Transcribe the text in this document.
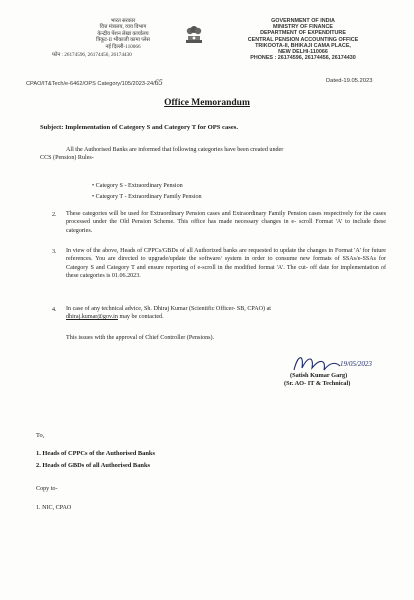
भारत सरकार
वित्त मंत्रालय, व्यय विभाग
केन्द्रीय पेंशन लेखा कार्यालय
त्रिकूट-II भीकाजी कामा प्लेस
नई दिल्ली-110066
फोन : 26174596, 26174456, 26174430
GOVERNMENT OF INDIA
MINISTRY OF FINANCE
DEPARTMENT OF EXPENDITURE
CENTRAL PENSION ACCOUNTING OFFICE
TRIKOOTA-II, BHIKAJI CAMA PLACE,
NEW DELHI-110066
PHONES : 26174596, 26174456, 26174430
CPAO/IT&Tech/e-6462/OPS Category/105/2023-24/65	Dated-19.05.2023
Office Memorandum
Subject: Implementation of Category S and Category T for OPS cases.
All the Authorised Banks are informed that following categories have been created under
CCS (Pension) Rules-
• Category S - Extraordinary Pension
• Category T - Extraordinary Family Pension
2. These categories will be used for Extraordinary Pension cases and Extraordinary Family Pension cases respectively for the cases processed under the Old Pension Scheme. This office has made necessary changes in e- scroll Format 'A' to include these categories.
3. In view of the above, Heads of CPPCs/GBDs of all Authorized banks are requested to update the changes in Format 'A' for future references. You are directed to upgrade/update the software/ system in order to consume new formats of SSAs/e-SSAs for Category S and Category T and ensure reporting of e-scroll in the modified format 'A'. The cut- off date for implementation of these categories is 01.06.2023.
4. In case of any technical advice, Sh. Dhiraj Kumar (Scientific Officer- SB, CPAO) at
dhiraj.kumar@gov.in may be contacted.
This issues with the approval of Chief Controller (Pensions).
19/05/2023
(Satish Kumar Garg)
(Sr. AO- IT & Technical)
To,
1. Heads of CPPCs of the Authorised Banks
2. Heads of GBDs of all Authorised Banks
Copy to-
1. NIC, CPAO
